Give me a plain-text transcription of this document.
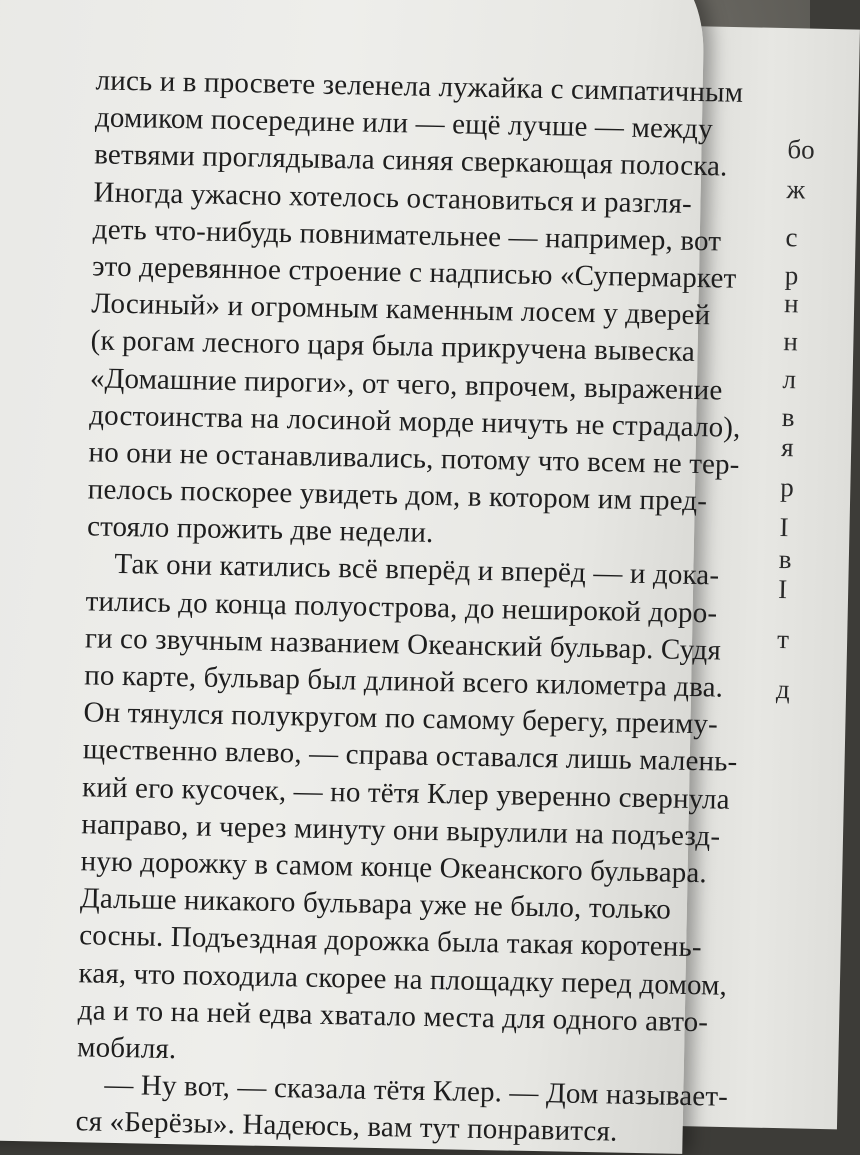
бо
ж
с
р
н
н
л
в
я
р
I
в
I
т
д
лись и в просвете зеленела лужайка с симпатичным
домиком посередине или — ещё лучше — между
ветвями проглядывала синяя сверкающая полоска.
Иногда ужасно хотелось остановиться и разгля-
деть что-нибудь повнимательнее — например, вот
это деревянное строение с надписью «Супермаркет
Лосиный» и огромным каменным лосем у дверей
(к рогам лесного царя была прикручена вывеска
«Домашние пироги», от чего, впрочем, выражение
достоинства на лосиной морде ничуть не страдало),
но они не останавливались, потому что всем не тер-
пелось поскорее увидеть дом, в котором им пред-
стояло прожить две недели.
Так они катились всё вперёд и вперёд — и дока-
тились до конца полуострова, до неширокой доро-
ги со звучным названием Океанский бульвар. Судя
по карте, бульвар был длиной всего километра два.
Он тянулся полукругом по самому берегу, преиму-
щественно влево, — справа оставался лишь малень-
кий его кусочек, — но тётя Клер уверенно свернула
направо, и через минуту они вырулили на подъезд-
ную дорожку в самом конце Океанского бульвара.
Дальше никакого бульвара уже не было, только
сосны. Подъездная дорожка была такая коротень-
кая, что походила скорее на площадку перед домом,
да и то на ней едва хватало места для одного авто-
мобиля.
— Ну вот, — сказала тётя Клер. — Дом называет-
ся «Берёзы». Надеюсь, вам тут понравится.
